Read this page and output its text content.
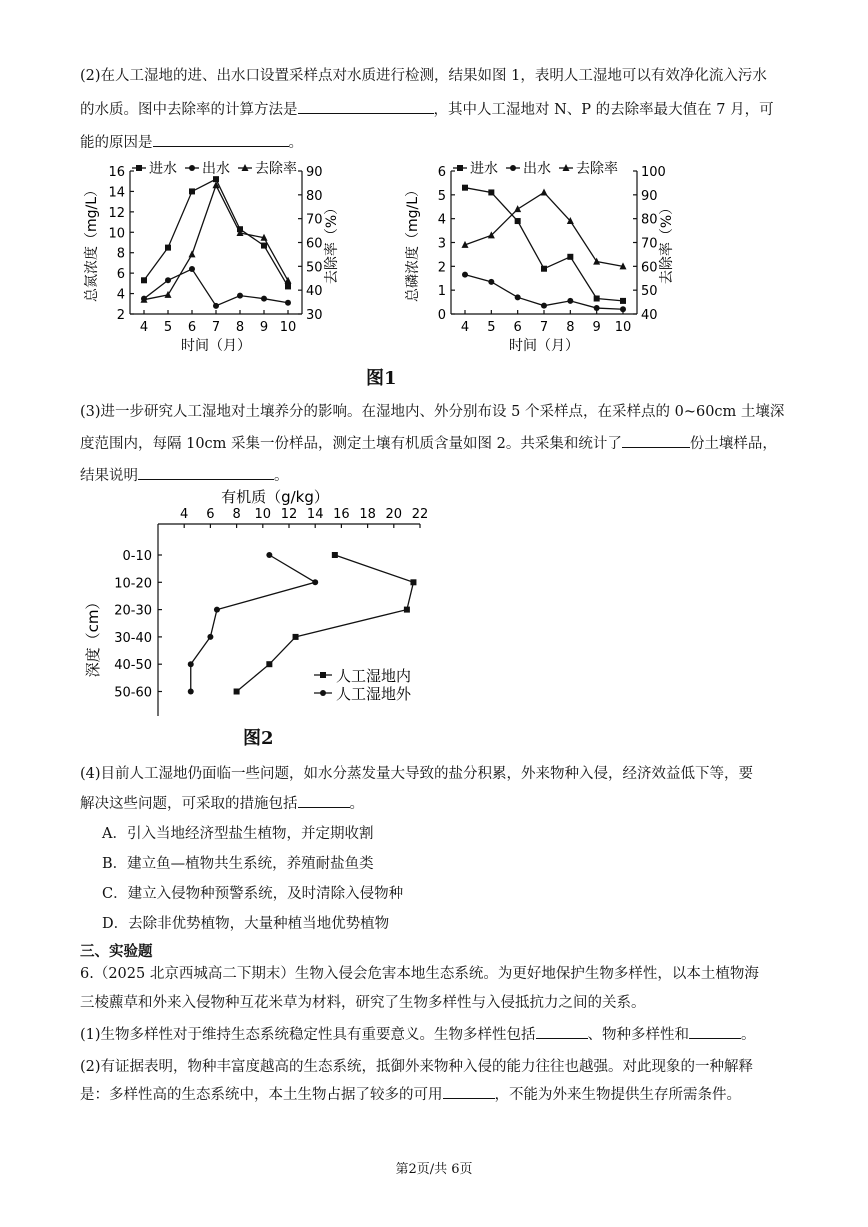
(2)在人工湿地的进、出水口设置采样点对水质进行检测，结果如图 1，表明人工湿地可以有效净化流入污水
的水质。图中去除率的计算方法是	，其中人工湿地对 N、P 的去除率最大值在 7 月，可
能的原因是	。
2
4
6
8
10
12
14
16
30
40
50
60
70
80
90
4 5 6 7 8 9 10
时间（月）
总氮浓度（mg/L）	去除率（%）
进水 出水 去除率
0
1
2
3
4
5
6
40
50
60
70
80
90
100
4 5 6 7 8 9 10
时间（月）
总磷浓度（mg/L）	去除率（%）
进水 出水 去除率
图1
(3)进一步研究人工湿地对土壤养分的影响。在湿地内、外分别布设 5 个采样点，在采样点的 0~60cm 土壤深
度范围内，每隔 10cm 采集一份样品，测定土壤有机质含量如图 2。共采集和统计了	份土壤样品，
结果说明	。
有机质（g/kg）
4 6 8 10 12 14 16 18 20 22
0-10
10-20
20-30
30-40
40-50
50-60
深度（cm）	人工湿地内
人工湿地外
图2
(4)目前人工湿地仍面临一些问题，如水分蒸发量大导致的盐分积累，外来物种入侵，经济效益低下等，要
解决这些问题，可采取的措施包括	。
A．引入当地经济型盐生植物，并定期收割
B．建立鱼—植物共生系统，养殖耐盐鱼类
C．建立入侵物种预警系统，及时清除入侵物种
D．去除非优势植物，大量种植当地优势植物
三、实验题
6.（2025 北京西城高二下期末）生物入侵会危害本地生态系统。为更好地保护生物多样性，以本土植物海
三棱藨草和外来入侵物种互花米草为材料，研究了生物多样性与入侵抵抗力之间的关系。
(1)生物多样性对于维持生态系统稳定性具有重要意义。生物多样性包括	、物种多样性和	。
(2)有证据表明，物种丰富度越高的生态系统，抵御外来物种入侵的能力往往也越强。对此现象的一种解释
是：多样性高的生态系统中，本土生物占据了较多的可用	，不能为外来生物提供生存所需条件。
第2页/共 6页
